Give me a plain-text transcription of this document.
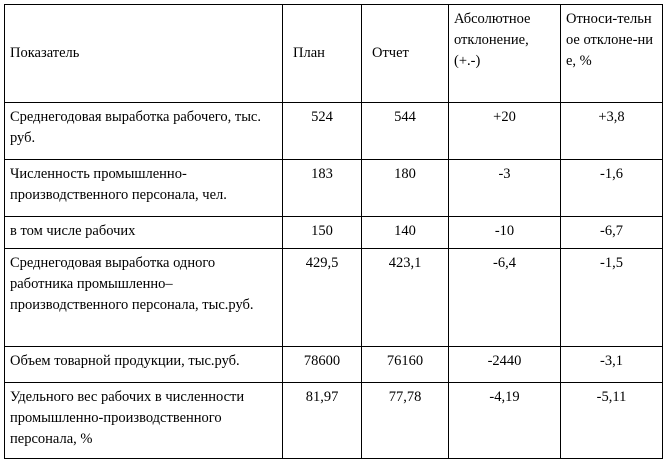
Показатель	План	Отчет	Абсолютное отклонение, (+.-)	Относи-тельное отклоне-ние, %
Среднегодовая выработка рабочего, тыс. руб.	524	544	+20	+3,8
Численность промышленно-производственного персонала, чел.	183	180	-3	-1,6
в том числе рабочих	150	140	-10	-6,7
Среднегодовая выработка одного работника промышленно–производственного персонала, тыс.руб.	429,5	423,1	-6,4	-1,5
Объем товарной продукции, тыс.руб.	78600	76160	-2440	-3,1
Удельного вес рабочих в численности промышленно-производственного персонала, %	81,97	77,78	-4,19	-5,11
